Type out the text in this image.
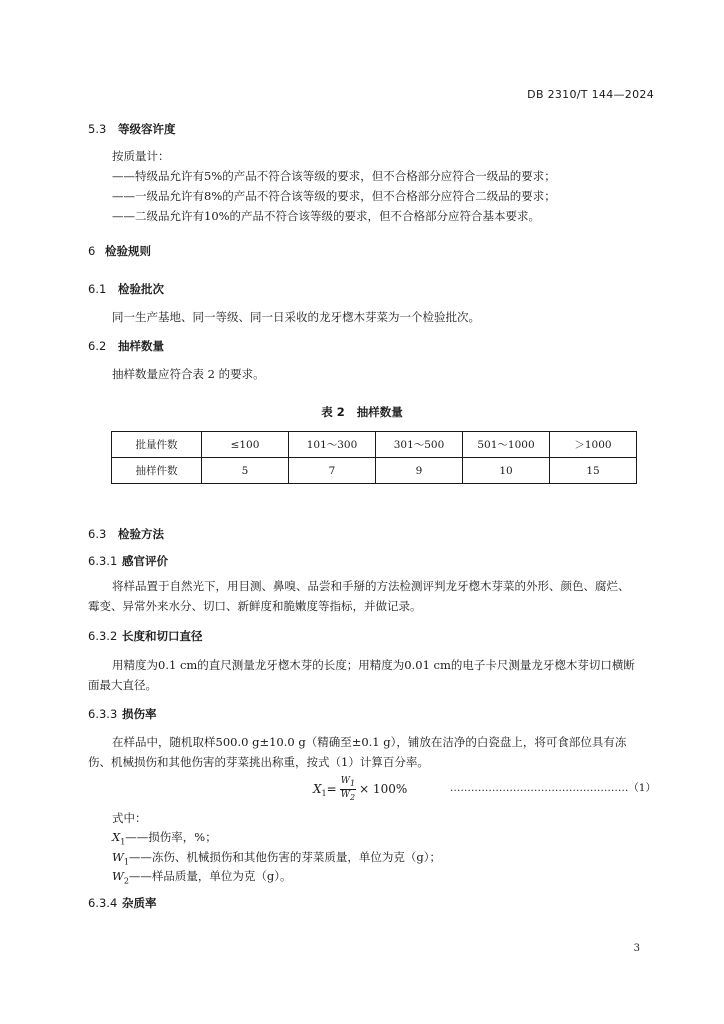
DB 2310/T 144—2024
5.3 等级容许度
按质量计：
——特级品允许有5%的产品不符合该等级的要求，但不合格部分应符合一级品的要求；
——一级品允许有8%的产品不符合该等级的要求，但不合格部分应符合二级品的要求；
——二级品允许有10%的产品不符合该等级的要求，但不合格部分应符合基本要求。
6 检验规则
6.1 检验批次
同一生产基地、同一等级、同一日采收的龙牙楤木芽菜为一个检验批次。
6.2 抽样数量
抽样数量应符合表 2 的要求。
表 2   抽样数量
批量件数	≤100	101～300	301～500	501～1000	＞1000
抽样件数	5	7	9	10	15
6.3 检验方法
6.3.1 感官评价
将样品置于自然光下，用目测、鼻嗅、品尝和手掰的方法检测评判龙牙楤木芽菜的外形、颜色、腐烂、霉变、异常外来水分、切口、新鲜度和脆嫩度等指标，并做记录。
6.3.2 长度和切口直径
用精度为0.1 cm的直尺测量龙牙楤木芽的长度；用精度为0.01 cm的电子卡尺测量龙牙楤木芽切口横断面最大直径。
6.3.3 损伤率
在样品中，随机取样500.0 g±10.0 g（精确至±0.1 g），铺放在洁净的白瓷盘上，将可食部位具有冻伤、机械损伤和其他伤害的芽菜挑出称重，按式（1）计算百分率。
$X_1= \frac{W_1}{W_2} \times 100\%$	……………………………………………（1）
式中：
$X_1——$损伤率，%；
$W_1——$冻伤、机械损伤和其他伤害的芽菜质量，单位为克（g）；
$W_2——$样品质量，单位为克（g）。
6.3.4 杂质率
3
